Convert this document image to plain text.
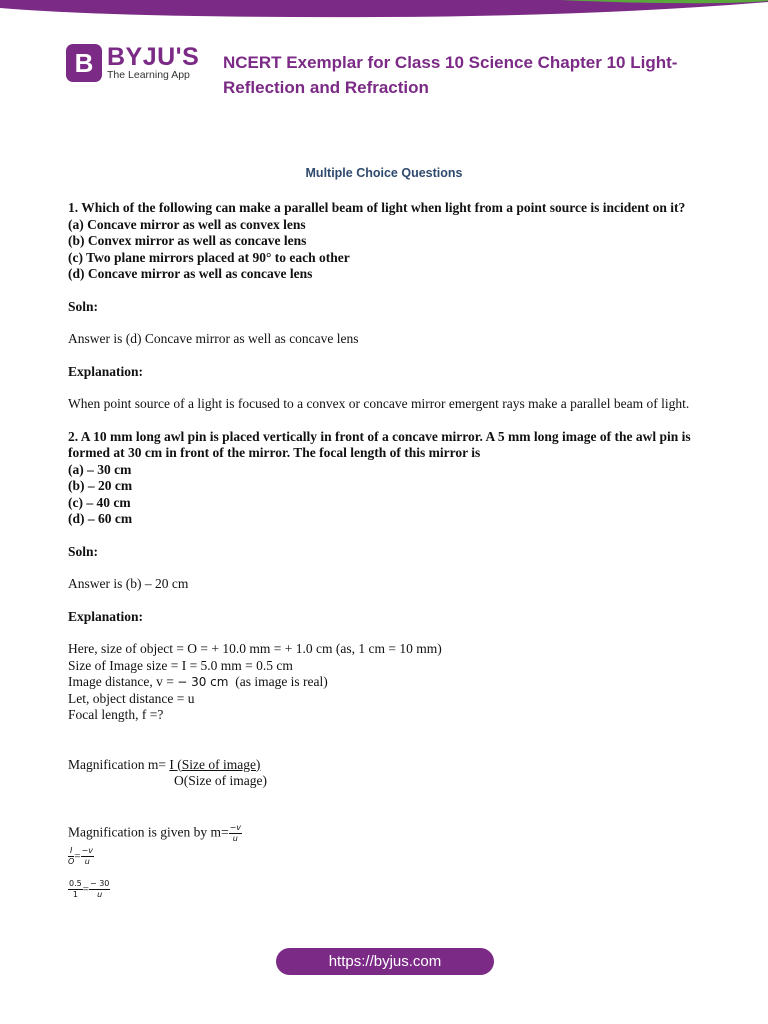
B BYJU'S
The Learning App
NCERT Exemplar for Class 10 Science Chapter 10 Light-
Reflection and Refraction
Multiple Choice Questions
1. Which of the following can make a parallel beam of light when light from a point source is incident on it?
(a) Concave mirror as well as convex lens
(b) Convex mirror as well as concave lens
(c) Two plane mirrors placed at 90° to each other
(d) Concave mirror as well as concave lens
Soln:
Answer is (d) Concave mirror as well as concave lens
Explanation:
When point source of a light is focused to a convex or concave mirror emergent rays make a parallel beam of light.
2. A 10 mm long awl pin is placed vertically in front of a concave mirror. A 5 mm long image of the awl pin is formed at 30 cm in front of the mirror. The focal length of this mirror is
(a) – 30 cm
(b) – 20 cm
(c) – 40 cm
(d) – 60 cm
Soln:
Answer is (b) – 20 cm
Explanation:
Here, size of object = O = + 10.0 mm = + 1.0 cm (as, 1 cm = 10 mm)
Size of Image size = I = 5.0 mm = 0.5 cm
Image distance, v = − 30 cm (as image is real)
Let, object distance = u
Focal length, f =?
Magnification m= I (Size of image)
O(Size of image)
Magnification is given by $m= \frac{-v}{u}$
$\frac{I}{O} = \frac{-v}{u}$
$\frac{0.5}{1} = \frac{- 30}{u}$
https://byjus.com
